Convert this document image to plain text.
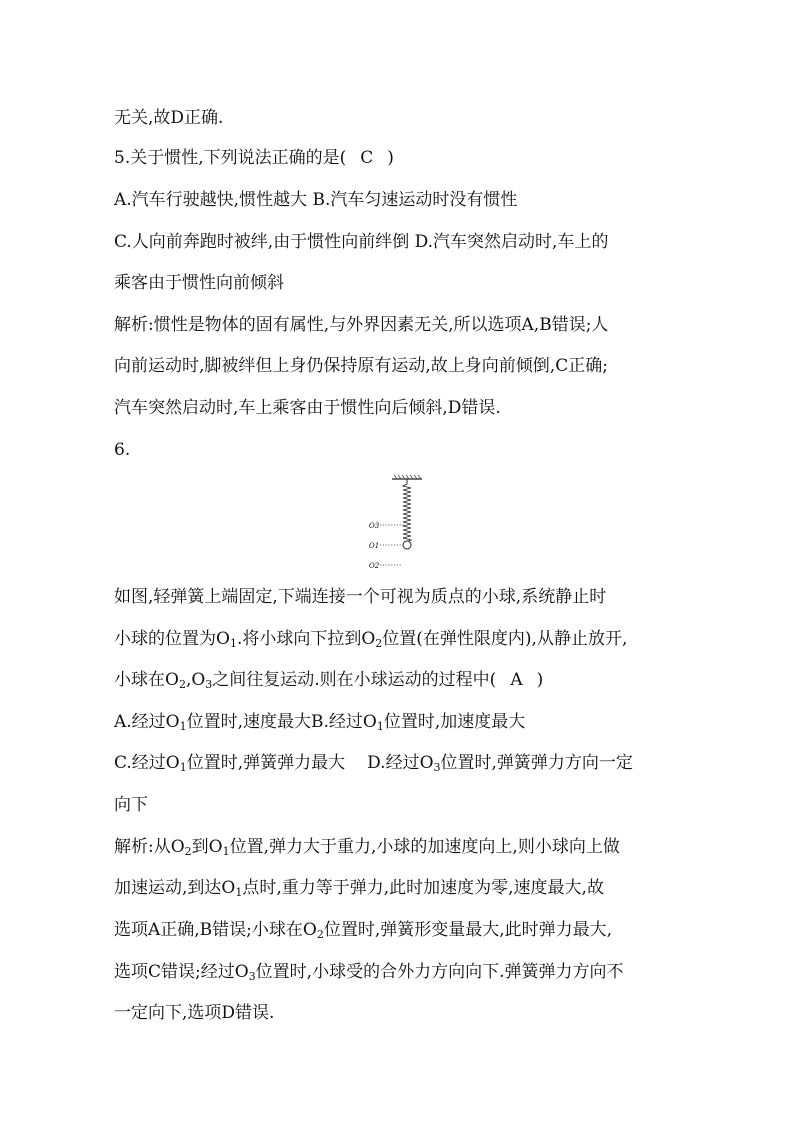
无关,故D正确.
5.关于惯性,下列说法正确的是( C )
A.汽车行驶越快,惯性越大 B.汽车匀速运动时没有惯性
C.人向前奔跑时被绊,由于惯性向前绊倒 D.汽车突然启动时,车上的
乘客由于惯性向前倾斜
解析:惯性是物体的固有属性,与外界因素无关,所以选项A,B错误;人
向前运动时,脚被绊但上身仍保持原有运动,故上身向前倾倒,C正确;
汽车突然启动时,车上乘客由于惯性向后倾斜,D错误.
6.
O3
O1
O2
如图,轻弹簧上端固定,下端连接一个可视为质点的小球,系统静止时
小球的位置为$O_1$.将小球向下拉到$O_2$位置(在弹性限度内),从静止放开,
小球在$O_2,O_3$之间往复运动.则在小球运动的过程中( A )
A.经过$O_1$位置时,速度最大B.经过$O_1$位置时,加速度最大
C.经过$O_1$位置时,弹簧弹力最大 D.经过$O_3$位置时,弹簧弹力方向一定
向下
解析:从$O_2$到$O_1$位置,弹力大于重力,小球的加速度向上,则小球向上做
加速运动,到达$O_1$点时,重力等于弹力,此时加速度为零,速度最大,故
选项A正确,B错误;小球在$O_2$位置时,弹簧形变量最大,此时弹力最大,
选项C错误;经过$O_3$位置时,小球受的合外力方向向下.弹簧弹力方向不
一定向下,选项D错误.
